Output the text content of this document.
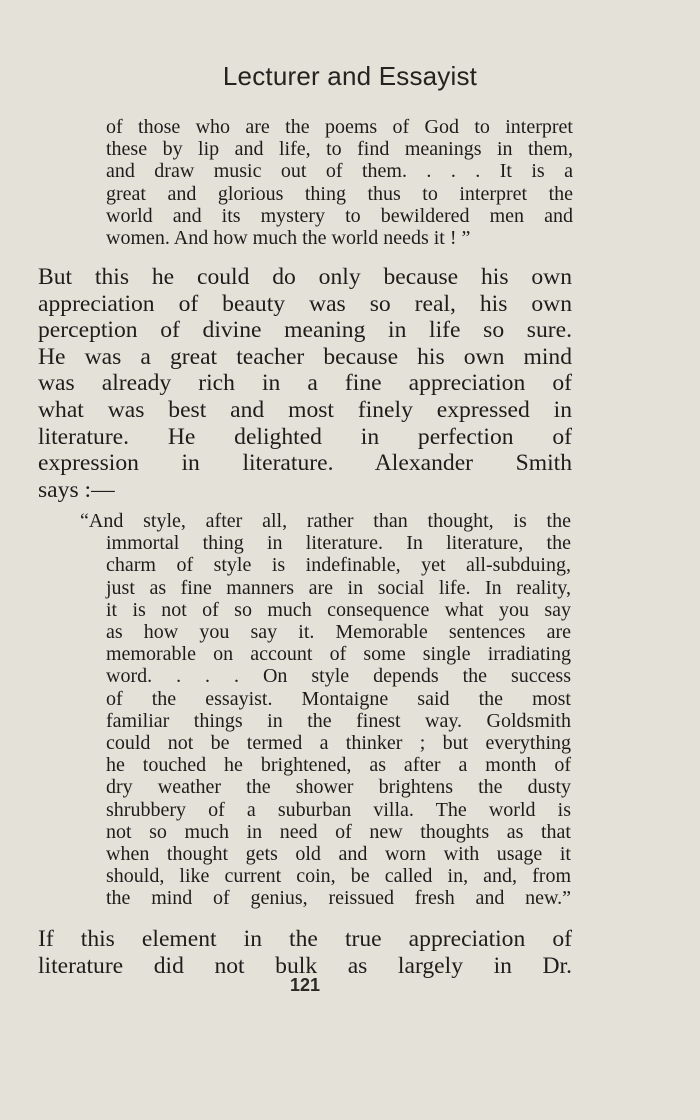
Lecturer and Essayist
of those who are the poems of God to interpret
these by lip and life, to find meanings in them,
and draw music out of them. . . . It is a
great and glorious thing thus to interpret the
world and its mystery to bewildered men and
women. And how much the world needs it ! ”
But this he could do only because his own
appreciation of beauty was so real, his own
perception of divine meaning in life so sure.
He was a great teacher because his own mind
was already rich in a fine appreciation of
what was best and most finely expressed in
literature. He delighted in perfection of
expression in literature. Alexander Smith
says :—
“And style, after all, rather than thought, is the
immortal thing in literature. In literature, the
charm of style is indefinable, yet all-subduing,
just as fine manners are in social life. In reality,
it is not of so much consequence what you say
as how you say it. Memorable sentences are
memorable on account of some single irradiating
word. . . . On style depends the success
of the essayist. Montaigne said the most
familiar things in the finest way. Goldsmith
could not be termed a thinker ; but everything
he touched he brightened, as after a month of
dry weather the shower brightens the dusty
shrubbery of a suburban villa. The world is
not so much in need of new thoughts as that
when thought gets old and worn with usage it
should, like current coin, be called in, and, from
the mind of genius, reissued fresh and new.”
If this element in the true appreciation of
literature did not bulk as largely in Dr.
121
